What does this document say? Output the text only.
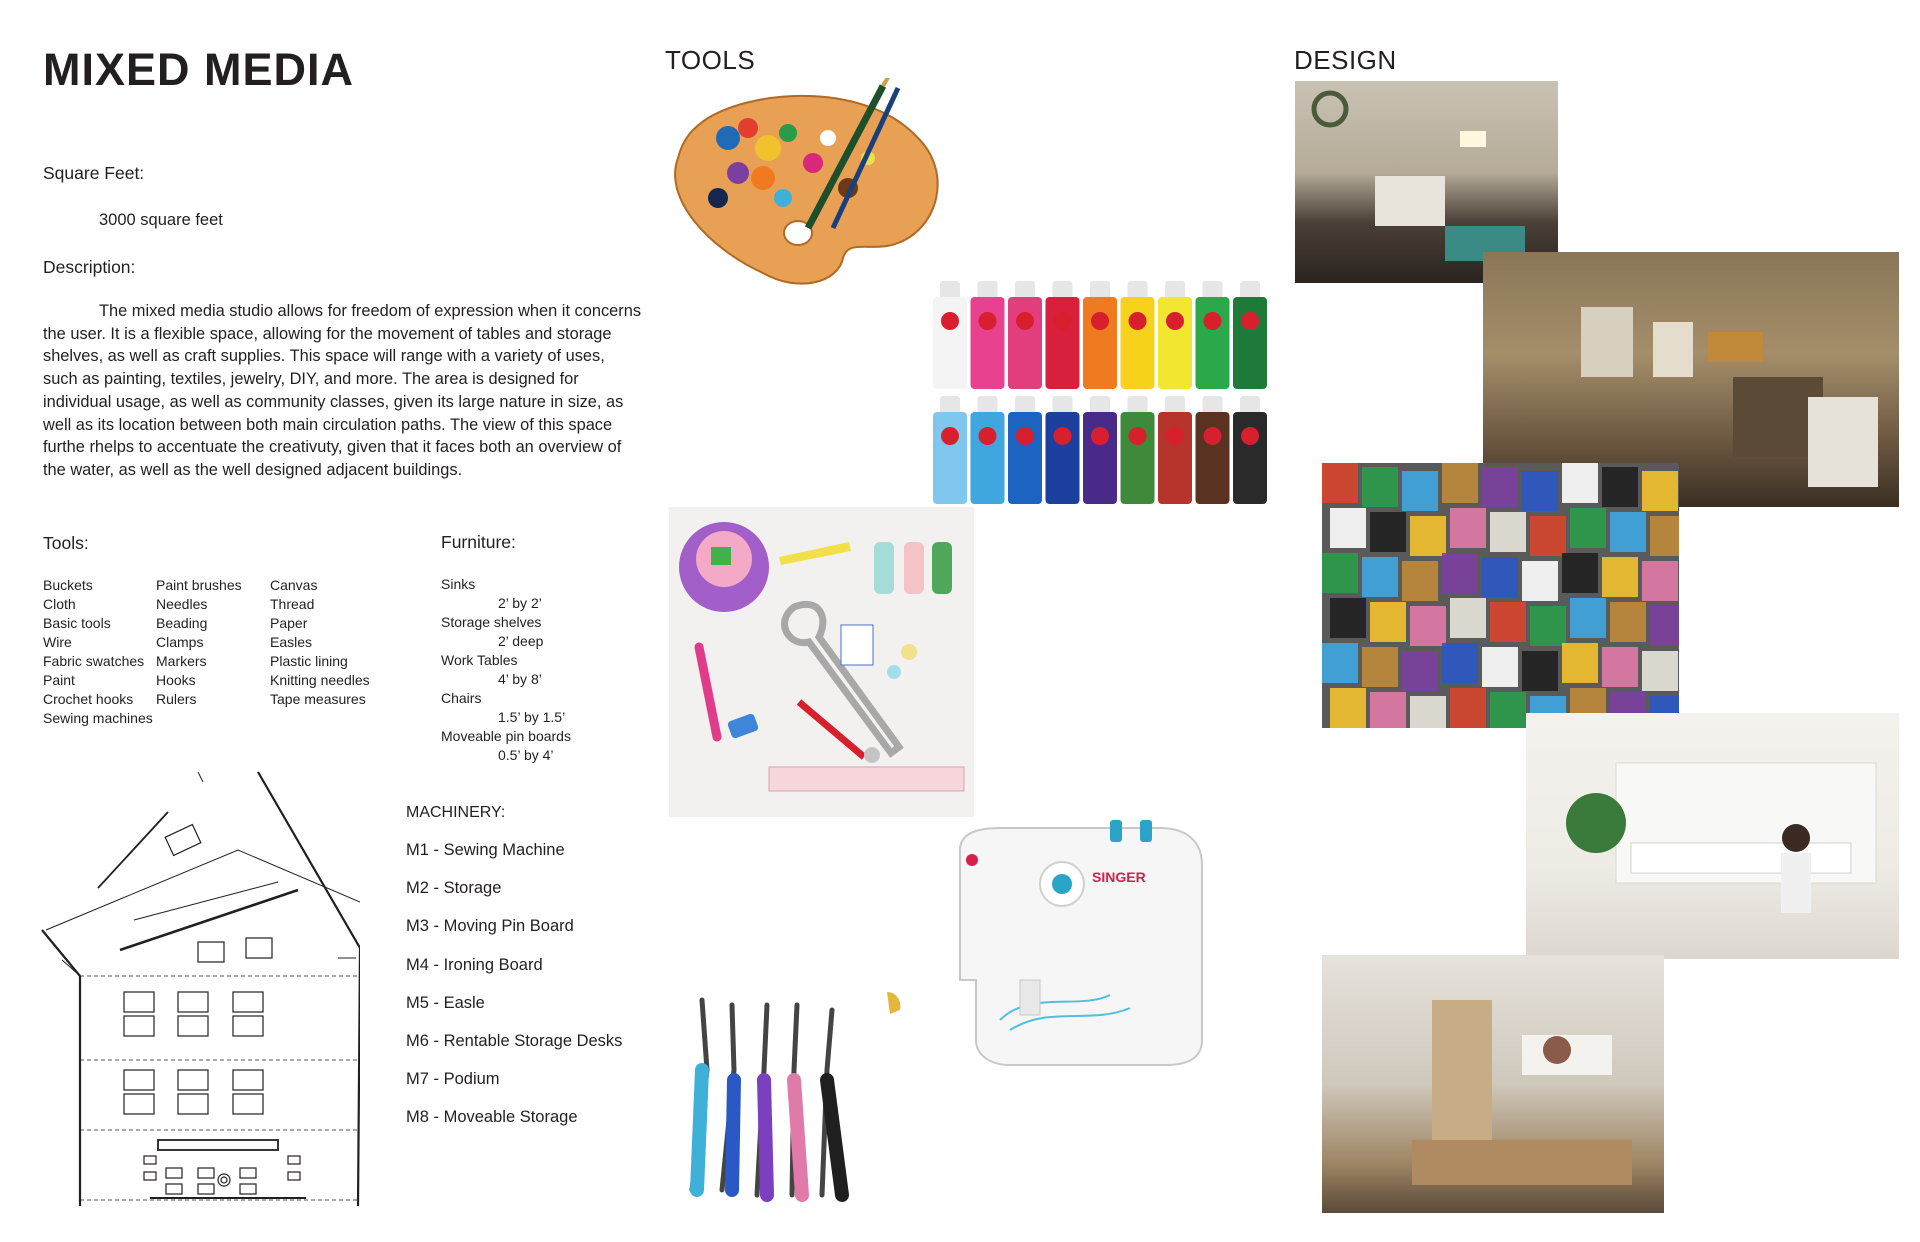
MIXED MEDIA

Square Feet:

3000 square feet

Description:

The mixed media studio allows for freedom of expression when it concerns the user. It is a flexible space, allowing for the movement of tables and storage shelves, as well as craft supplies. This space will range with a variety of uses, such as painting, textiles, jewelry, DIY, and more. The area is designed for individual usage, as well as community classes, given its large nature in size, as well as its location between both main circulation paths. The view of this space furthe rhelps to accentuate the creativuty, given that it faces both an overview of the water, as well as the well designed adjacent buildings.

Tools:

Buckets
Cloth
Basic tools
Wire
Fabric swatches
Paint
Crochet hooks
Sewing machines
Paint brushes
Needles
Beading
Clamps
Markers
Hooks
Rulers
Canvas
Thread
Paper
Easles
Plastic lining
Knitting needles
Tape measures

Furniture:

Sinks
2’ by 2’
Storage shelves
2’ deep
Work Tables
4’ by 8’
Chairs
1.5’ by 1.5’
Moveable pin boards
0.5’ by 4’
MACHINERY:
M1 - Sewing Machine
M2 - Storage
M3 - Moving Pin Board
M4 - Ironing Board
M5 - Easle
M6 - Rentable Storage Desks
M7 - Podium
M8 - Moveable Storage
TOOLS
SINGER
DESIGN
